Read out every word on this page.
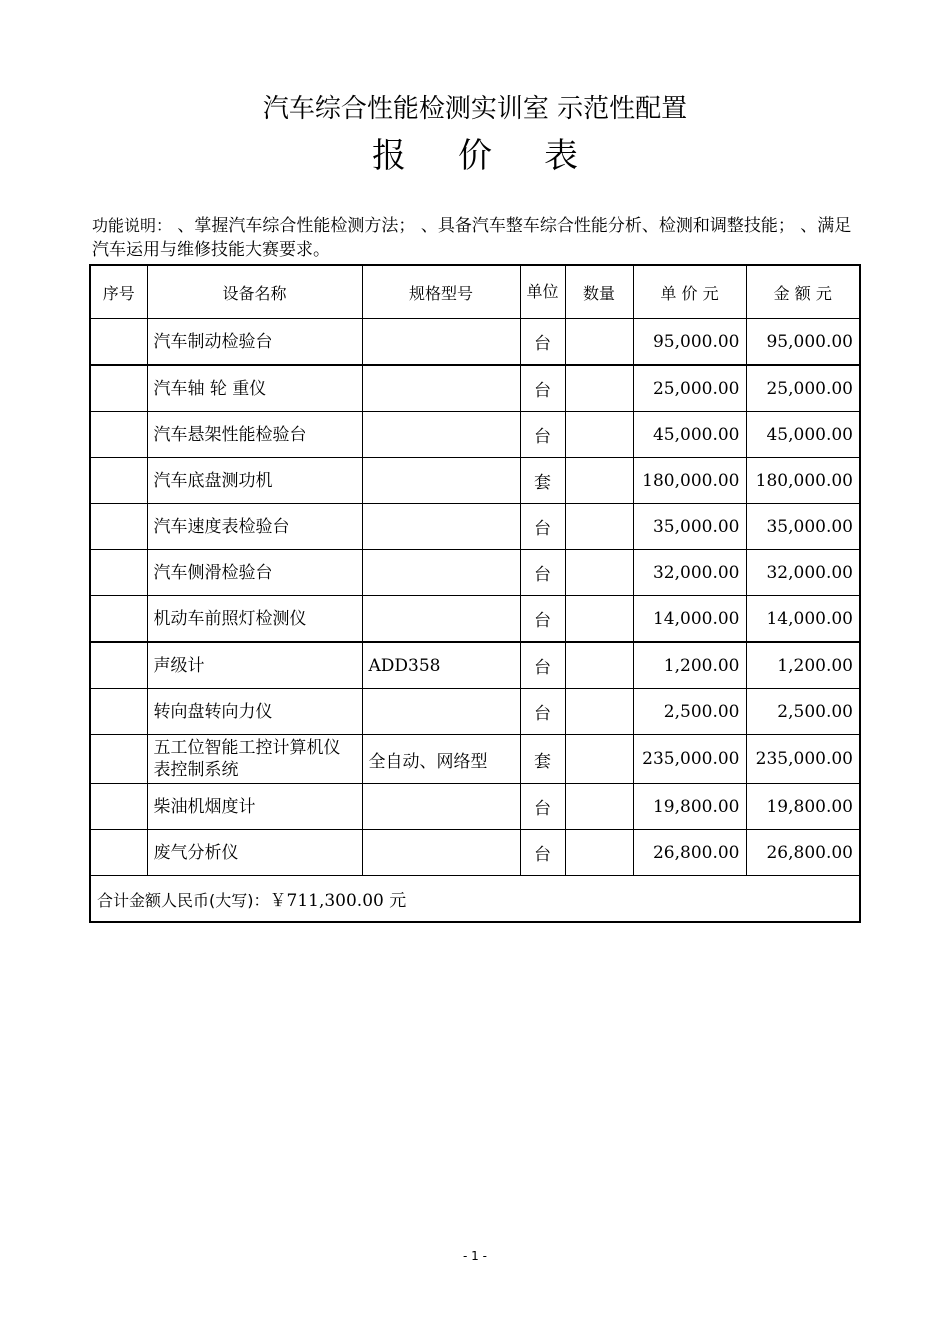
汽车综合性能检测实训室 示范性配置
报价表
功能说明： 、掌握汽车综合性能检测方法； 、具备汽车整车综合性能分析、检测和调整技能； 、满足汽车运用与维修技能大赛要求。
序号	设备名称	规格型号	单位	数量	单 价 元	金 额 元
	汽车制动检验台		台		95,000.00	95,000.00
	汽车轴 轮 重仪		台		25,000.00	25,000.00
	汽车悬架性能检验台		台		45,000.00	45,000.00
	汽车底盘测功机		套		180,000.00	180,000.00
	汽车速度表检验台		台		35,000.00	35,000.00
	汽车侧滑检验台		台		32,000.00	32,000.00
	机动车前照灯检测仪		台		14,000.00	14,000.00
	声级计	ADD358	台		1,200.00	1,200.00
	转向盘转向力仪		台		2,500.00	2,500.00
	五工位智能工控计算机仪表控制系统	全自动、网络型	套		235,000.00	235,000.00
	柴油机烟度计		台		19,800.00	19,800.00
	废气分析仪		台		26,800.00	26,800.00
合计金额人民币(大写)：￥711,300.00 元						
- 1 -
